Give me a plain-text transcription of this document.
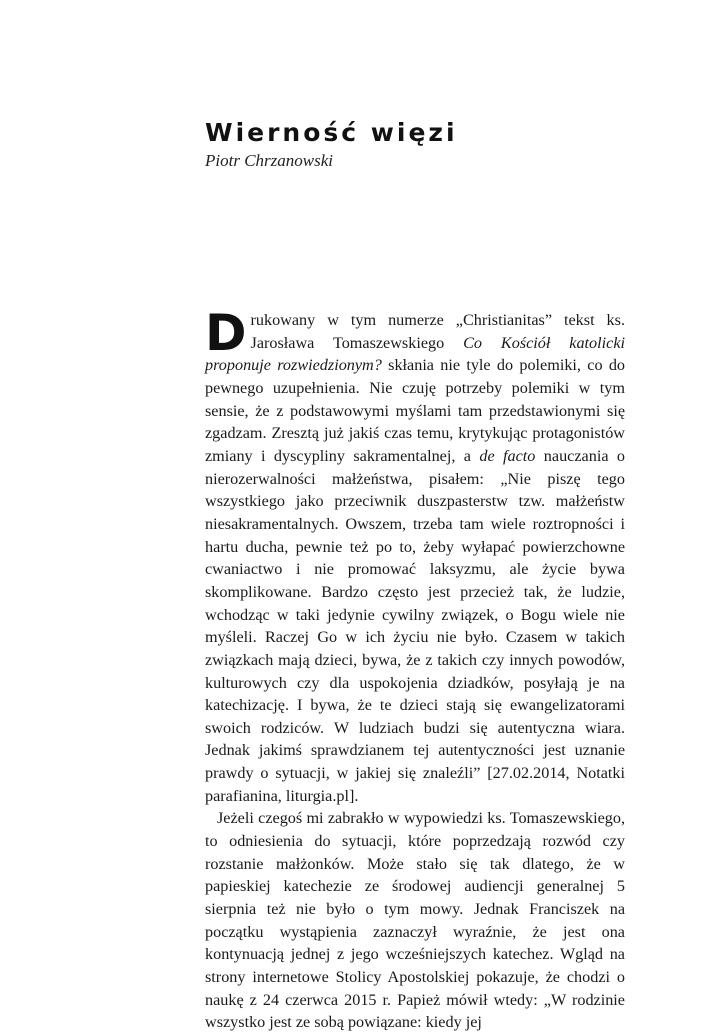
Wierność więzi
Piotr Chrzanowski

Drukowany w tym numerze „Christianitas” tekst ks. Jarosława Tomaszewskiego Co Kościół katolicki proponuje rozwiedzionym? skłania nie tyle do polemiki, co do pewnego uzupełnienia. Nie czuję potrzeby polemiki w tym sensie, że z podstawowymi myślami tam przedstawionymi się zgadzam. Zresztą już jakiś czas temu, krytykując protagonistów zmiany i dyscypliny sakramentalnej, a de facto nauczania o nierozerwalności małżeństwa, pisałem: „Nie piszę tego wszystkiego jako przeciwnik duszpasterstw tzw. małżeństw niesakramentalnych. Owszem, trzeba tam wiele roztropności i hartu ducha, pewnie też po to, żeby wyłapać powierzchowne cwaniactwo i nie promować laksyzmu, ale życie bywa skomplikowane. Bardzo często jest przecież tak, że ludzie, wchodząc w taki jedynie cywilny związek, o Bogu wiele nie myśleli. Raczej Go w ich życiu nie było. Czasem w takich związkach mają dzieci, bywa, że z takich czy innych powodów, kulturowych czy dla uspokojenia dziadków, posyłają je na katechizację. I bywa, że te dzieci stają się ewangelizatorami swoich rodziców. W ludziach budzi się autentyczna wiara. Jednak jakimś sprawdzianem tej autentyczności jest uznanie prawdy o sytuacji, w jakiej się znaleźli” [27.02.2014, Notatki parafianina, liturgia.pl].

Jeżeli czegoś mi zabrakło w wypowiedzi ks. Tomaszewskiego, to odniesienia do sytuacji, które poprzedzają rozwód czy rozstanie małżonków. Może stało się tak dlatego, że w papieskiej katechezie ze środowej audiencji generalnej 5 sierpnia też nie było o tym mowy. Jednak Franciszek na początku wystąpienia zaznaczył wyraźnie, że jest ona kontynuacją jednej z jego wcześniejszych katechez. Wgląd na strony internetowe Stolicy Apostolskiej pokazuje, że chodzi o naukę z 24 czerwca 2015 r. Papież mówił wtedy: „W rodzinie wszystko jest ze sobą powiązane: kiedy jej
